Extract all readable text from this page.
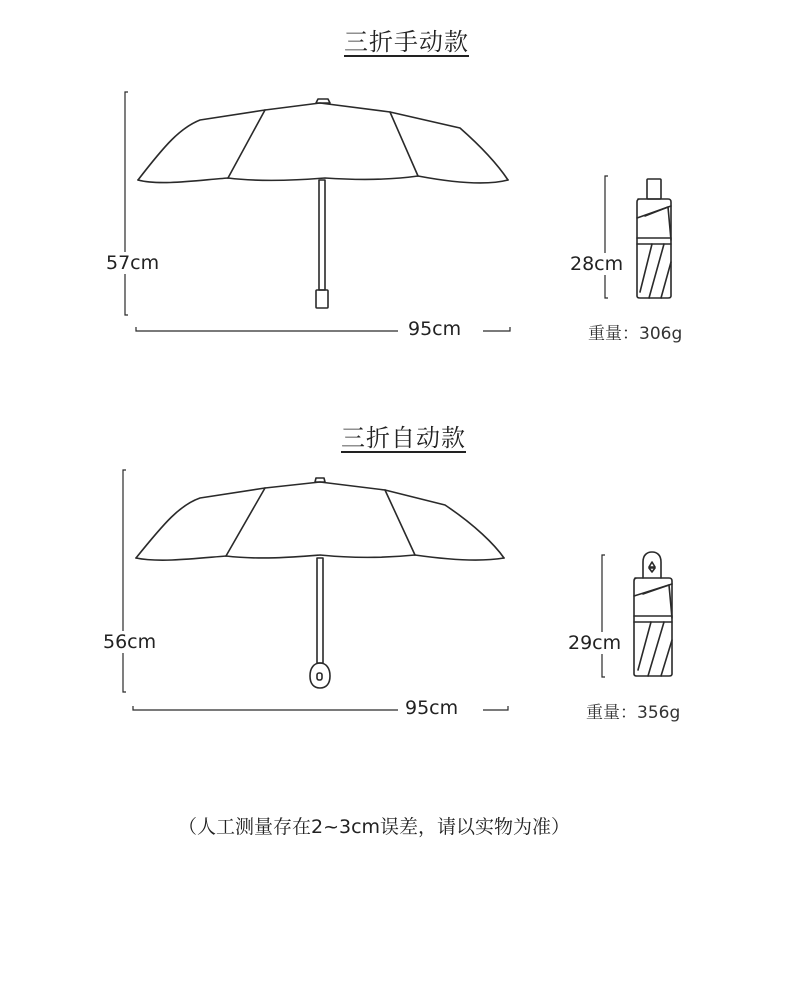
三折手动款
57cm
95cm
28cm
重量：306g
三折自动款
56cm
95cm
29cm
重量：356g
（人工测量存在2~3cm误差，请以实物为准）
